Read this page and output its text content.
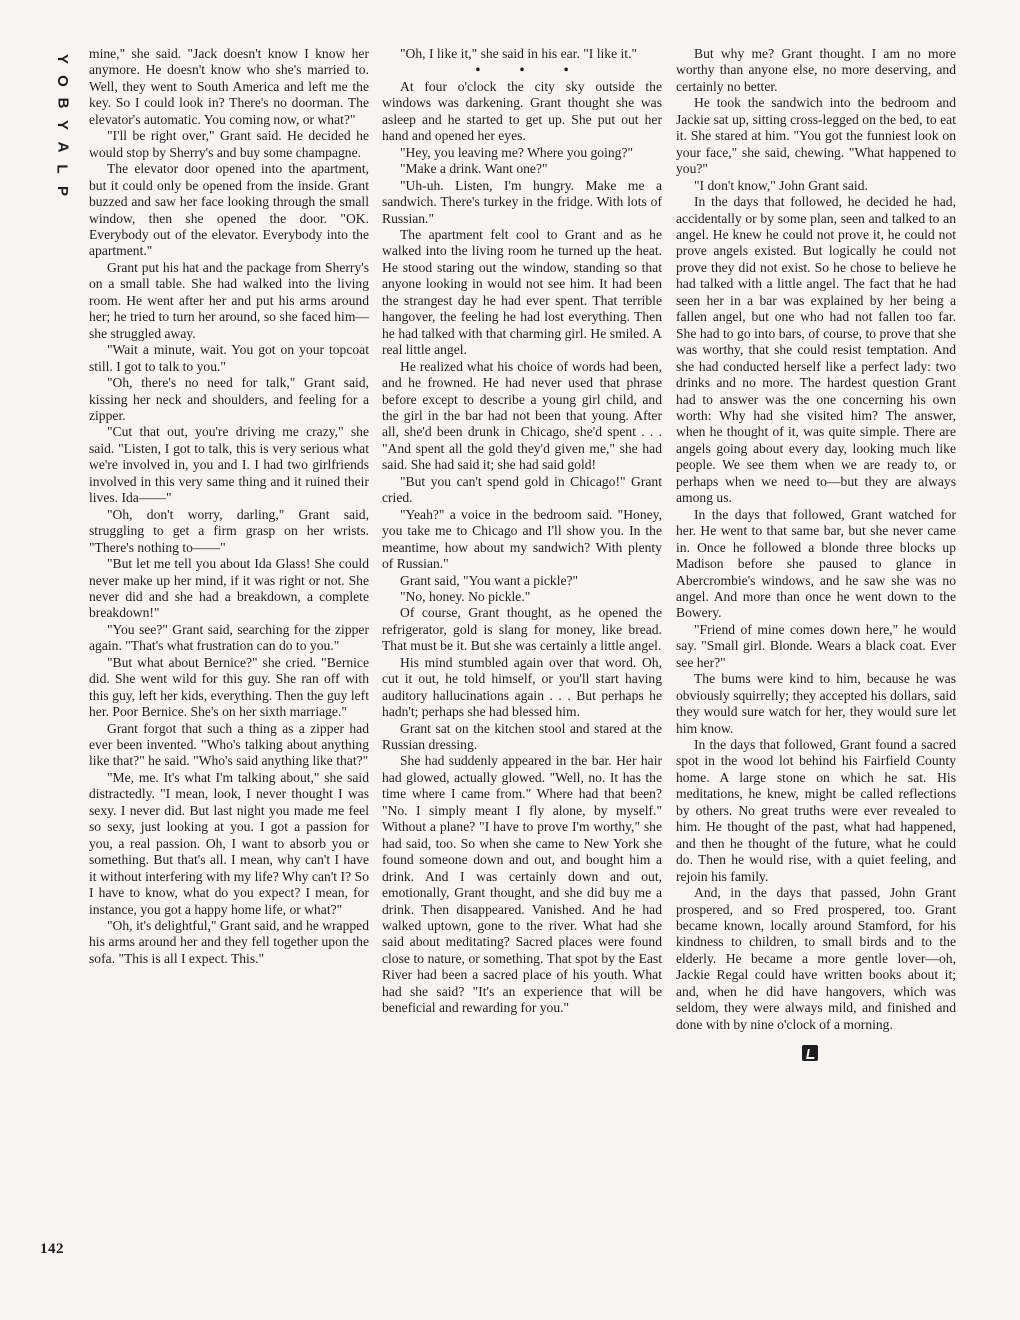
Y
O
B
Y
A
L
P

mine," she said. "Jack doesn't know I know her anymore. He doesn't know who she's married to. Well, they went to South America and left me the key. So I could look in? There's no doorman. The elevator's automatic. You coming now, or what?"

"I'll be right over," Grant said. He decided he would stop by Sherry's and buy some champagne.

The elevator door opened into the apartment, but it could only be opened from the inside. Grant buzzed and saw her face looking through the small window, then she opened the door. "OK. Everybody out of the elevator. Everybody into the apartment."

Grant put his hat and the package from Sherry's on a small table. She had walked into the living room. He went after her and put his arms around her; he tried to turn her around, so she faced him—she struggled away.

"Wait a minute, wait. You got on your topcoat still. I got to talk to you."

"Oh, there's no need for talk," Grant said, kissing her neck and shoulders, and feeling for a zipper.

"Cut that out, you're driving me crazy," she said. "Listen, I got to talk, this is very serious what we're involved in, you and I. I had two girlfriends involved in this very same thing and it ruined their lives. Ida——"

"Oh, don't worry, darling," Grant said, struggling to get a firm grasp on her wrists. "There's nothing to——"

"But let me tell you about Ida Glass! She could never make up her mind, if it was right or not. She never did and she had a breakdown, a complete breakdown!"

"You see?" Grant said, searching for the zipper again. "That's what frustration can do to you."

"But what about Bernice?" she cried. "Bernice did. She went wild for this guy. She ran off with this guy, left her kids, everything. Then the guy left her. Poor Bernice. She's on her sixth marriage."

Grant forgot that such a thing as a zipper had ever been invented. "Who's talking about anything like that?" he said. "Who's said anything like that?"

"Me, me. It's what I'm talking about," she said distractedly. "I mean, look, I never thought I was sexy. I never did. But last night you made me feel so sexy, just looking at you. I got a passion for you, a real passion. Oh, I want to absorb you or something. But that's all. I mean, why can't I have it without interfering with my life? Why can't I? So I have to know, what do you expect? I mean, for instance, you got a happy home life, or what?"

"Oh, it's delightful," Grant said, and he wrapped his arms around her and they fell together upon the sofa. "This is all I expect. This."

"Oh, I like it," she said in his ear. "I like it."

• • •

At four o'clock the city sky outside the windows was darkening. Grant thought she was asleep and he started to get up. She put out her hand and opened her eyes.

"Hey, you leaving me? Where you going?"

"Make a drink. Want one?"

"Uh-uh. Listen, I'm hungry. Make me a sandwich. There's turkey in the fridge. With lots of Russian."

The apartment felt cool to Grant and as he walked into the living room he turned up the heat. He stood staring out the window, standing so that anyone looking in would not see him. It had been the strangest day he had ever spent. That terrible hangover, the feeling he had lost everything. Then he had talked with that charming girl. He smiled. A real little angel.

He realized what his choice of words had been, and he frowned. He had never used that phrase before except to describe a young girl child, and the girl in the bar had not been that young. After all, she'd been drunk in Chicago, she'd spent . . . "And spent all the gold they'd given me," she had said. She had said it; she had said gold!

"But you can't spend gold in Chicago!" Grant cried.

"Yeah?" a voice in the bedroom said. "Honey, you take me to Chicago and I'll show you. In the meantime, how about my sandwich? With plenty of Russian."

Grant said, "You want a pickle?"

"No, honey. No pickle."

Of course, Grant thought, as he opened the refrigerator, gold is slang for money, like bread. That must be it. But she was certainly a little angel.

His mind stumbled again over that word. Oh, cut it out, he told himself, or you'll start having auditory hallucinations again . . . But perhaps he hadn't; perhaps she had blessed him.

Grant sat on the kitchen stool and stared at the Russian dressing.

She had suddenly appeared in the bar. Her hair had glowed, actually glowed. "Well, no. It has the time where I came from." Where had that been? "No. I simply meant I fly alone, by myself." Without a plane? "I have to prove I'm worthy," she had said, too. So when she came to New York she found someone down and out, and bought him a drink. And I was certainly down and out, emotionally, Grant thought, and she did buy me a drink. Then disappeared. Vanished. And he had walked uptown, gone to the river. What had she said about meditating? Sacred places were found close to nature, or something. That spot by the East River had been a sacred place of his youth. What had she said? "It's an experience that will be beneficial and rewarding for you."

But why me? Grant thought. I am no more worthy than anyone else, no more deserving, and certainly no better.

He took the sandwich into the bedroom and Jackie sat up, sitting cross-legged on the bed, to eat it. She stared at him. "You got the funniest look on your face," she said, chewing. "What happened to you?"

"I don't know," John Grant said.

In the days that followed, he decided he had, accidentally or by some plan, seen and talked to an angel. He knew he could not prove it, he could not prove angels existed. But logically he could not prove they did not exist. So he chose to believe he had talked with a little angel. The fact that he had seen her in a bar was explained by her being a fallen angel, but one who had not fallen too far. She had to go into bars, of course, to prove that she was worthy, that she could resist temptation. And she had conducted herself like a perfect lady: two drinks and no more. The hardest question Grant had to answer was the one concerning his own worth: Why had she visited him? The answer, when he thought of it, was quite simple. There are angels going about every day, looking much like people. We see them when we are ready to, or perhaps when we need to—but they are always among us.

In the days that followed, Grant watched for her. He went to that same bar, but she never came in. Once he followed a blonde three blocks up Madison before she paused to glance in Abercrombie's windows, and he saw she was no angel. And more than once he went down to the Bowery.

"Friend of mine comes down here," he would say. "Small girl. Blonde. Wears a black coat. Ever see her?"

The bums were kind to him, because he was obviously squirrelly; they accepted his dollars, said they would sure watch for her, they would sure let him know.

In the days that followed, Grant found a sacred spot in the wood lot behind his Fairfield County home. A large stone on which he sat. His meditations, he knew, might be called reflections by others. No great truths were ever revealed to him. He thought of the past, what had happened, and then he thought of the future, what he could do. Then he would rise, with a quiet feeling, and rejoin his family.

And, in the days that passed, John Grant prospered, and so Fred prospered, too. Grant became known, locally around Stamford, for his kindness to children, to small birds and to the elderly. He became a more gentle lover—oh, Jackie Regal could have written books about it; and, when he did have hangovers, which was seldom, they were always mild, and finished and done with by nine o'clock of a morning.

142
